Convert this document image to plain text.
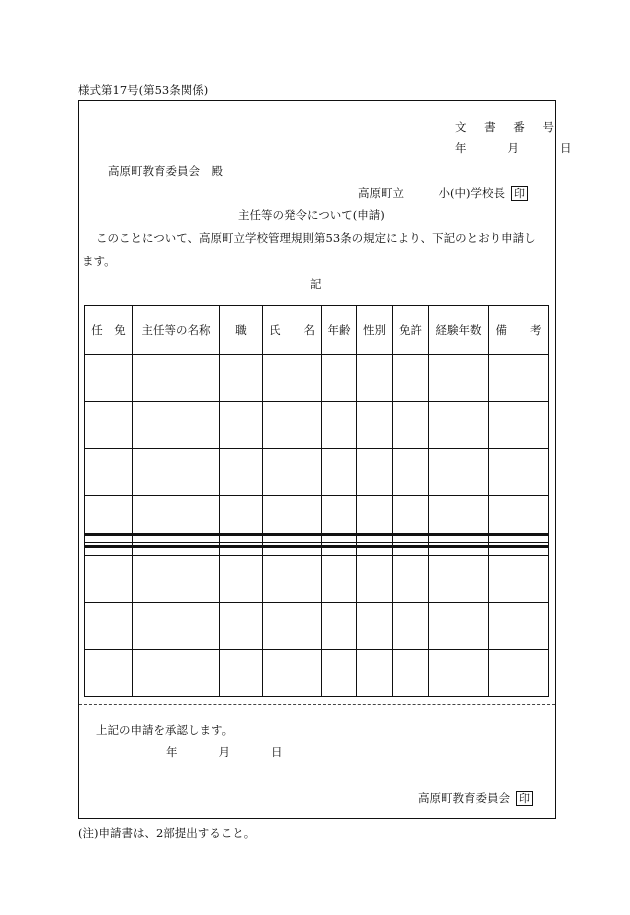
様式第17号(第53条関係)
文 書 番 号
年　　月　　日
高原町教育委員会　殿
高原町立　　　小(中)学校長 印
主任等の発令について(申請)
このことについて、高原町立学校管理規則第53条の規定により、下記のとおり申請し
ます。
記
任　免	主任等の名称	職	氏　　名	年齢	性別	免許	経験年数	備　　考

上記の申請を承認します。
年　　月　　日
高原町教育委員会 印
(注)申請書は、2部提出すること。
